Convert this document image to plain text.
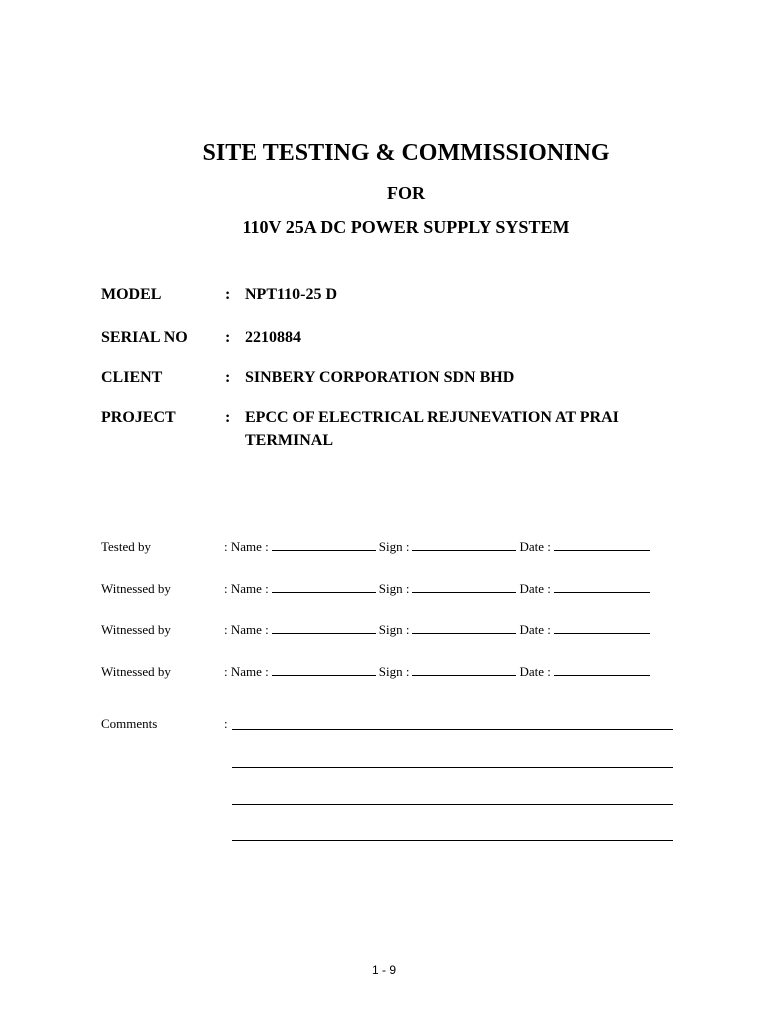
SITE TESTING & COMMISSIONING
FOR
110V 25A DC POWER SUPPLY SYSTEM
MODEL	: NPT110-25 D
SERIAL NO : 2210884
CLIENT	: SINBERY CORPORATION SDN BHD
PROJECT	: EPCC OF ELECTRICAL REJUNEVATION AT PRAI
TERMINAL
Tested by	: Name :	Sign :	Date :
Witnessed by	: Name :	Sign :	Date :
Witnessed by	: Name :	Sign :	Date :
Witnessed by	: Name :	Sign :	Date :
Comments	:
1 - 9
